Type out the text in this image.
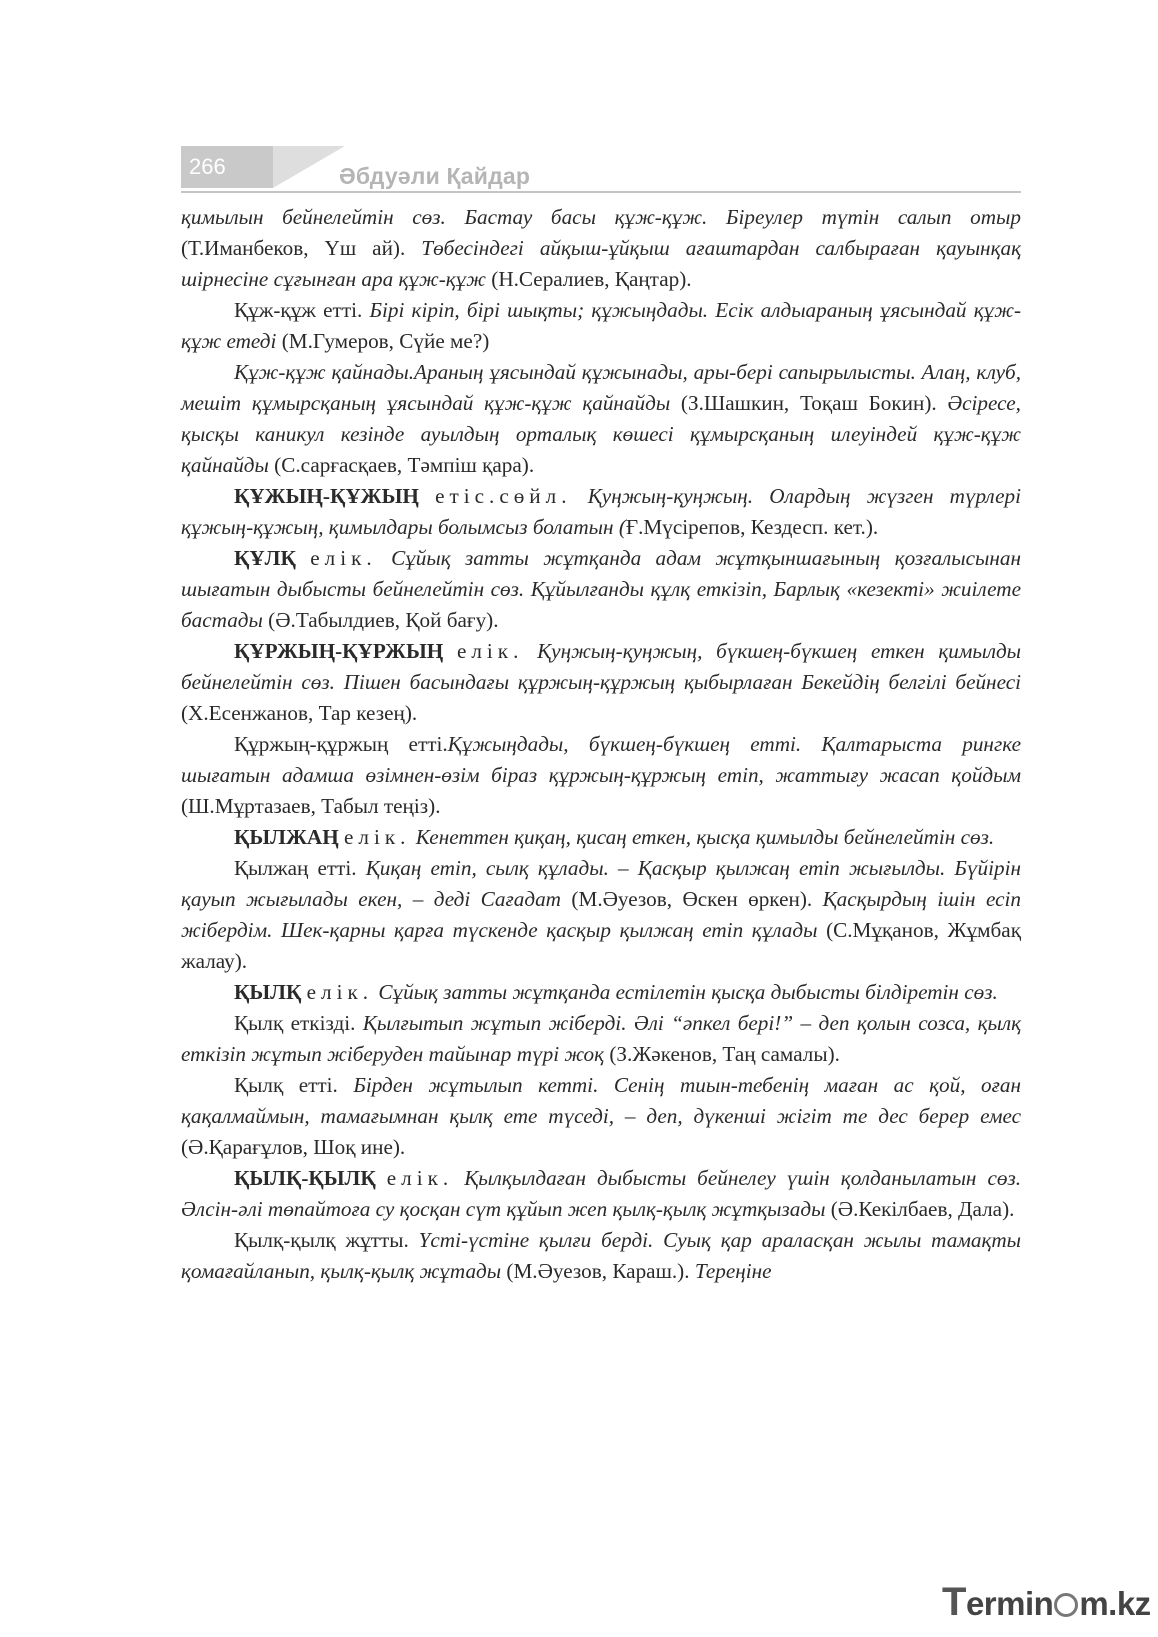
266	Әбдуәли Қайдар

қимылын бейнелейтін сөз. Бастау басы құж-құж. Біреулер түтін салып отыр (Т.Иманбеков, Үш ай). Төбесіндегі айқыш-ұйқыш ағаштардан салбыраған қауынқақ шірнесіне сұғынған ара құж-құж (Н.Сералиев, Қаңтар).

Құж-құж етті. Бірі кіріп, бірі шықты; құжыңдады. Есік алдыараның ұясындай құж-құж етеді (М.Гумеров, Сүйе ме?)

Құж-құж қайнады.Араның ұясындай құжынады, ары-бері сапырылысты. Алаң, клуб, мешіт құмырсқаның ұясындай құж-құж қайнайды (З.Шашкин, Тоқаш Бокин). Әсіресе, қысқы каникул кезінде ауылдың орталық көшесі құмырсқаның илеуіндей құж-құж қайнайды (С.сарғасқаев, Тәмпіш қара).

ҚҰЖЫҢ-ҚҰЖЫҢ етіс.сөйл. Қуңжың-қуңжың. Олардың жүзген түрлері құжың-құжың, қимылдары болымсыз болатын (Ғ.Мүсірепов, Кездесп. кет.).

ҚҰЛҚ елік. Сұйық затты жұтқанда адам жұтқыншағының қозғалысынан шығатын дыбысты бейнелейтін сөз. Құйылғанды құлқ еткізіп, Барлық «кезекті» жиілете бастады (Ә.Табылдиев, Қой бағу).

ҚҰРЖЫҢ-ҚҰРЖЫҢ елік. Қуңжың-қуңжың, бүкшең-бүкшең еткен қимылды бейнелейтін сөз. Пішен басындағы құржың-құржың қыбырлаған Бекейдің белгілі бейнесі (Х.Есенжанов, Тар кезең).

Құржың-құржың етті.Құжыңдады, бүкшең-бүкшең етті. Қалтарыста рингке шығатын адамша өзімнен-өзім біраз құржың-құржың етіп, жаттығу жасап қойдым (Ш.Мұртазаев, Табыл теңіз).

ҚЫЛЖАҢ елік. Кенеттен қиқаң, қисаң еткен, қысқа қимылды бейнелейтін сөз.

Қылжаң етті. Қиқаң етіп, сылқ құлады. – Қасқыр қылжаң етіп жығылды. Бүйірін қауып жығылады екен, – деді Сағадат (М.Әуезов, Өскен өркен). Қасқырдың ішін есіп жібердім. Шек-қарны қарға түскенде қасқыр қылжаң етіп құлады (С.Мұқанов, Жұмбақ жалау).

ҚЫЛҚ елік. Сұйық затты жұтқанда естілетін қысқа дыбысты білдіретін сөз.

Қылқ еткізді. Қылғытып жұтып жіберді. Әлі “әпкел бері!” – деп қолын созса, қылқ еткізіп жұтып жіберуден тайынар түрі жоқ (З.Жәкенов, Таң самалы).

Қылқ етті. Бірден жұтылып кетті. Сенің тиын-тебенің маған ас қой, оған қақалмаймын, тамағымнан қылқ ете түседі, – деп, дүкенші жігіт те дес берер емес (Ә.Қарағұлов, Шоқ ине).

ҚЫЛҚ-ҚЫЛҚ елік. Қылқылдаған дыбысты бейнелеу үшін қолданылатын сөз. Әлсін-әлі төпайтоға су қосқан сүт құйып жеп қылқ-қылқ жұтқызады (Ә.Кекілбаев, Дала).

Қылқ-қылқ жұтты. Үсті-үстіне қылғи берді. Суық қар араласқан жылы тамақты қомағайланып, қылқ-қылқ жұтады (М.Әуезов, Караш.). Тереңіне

Termin m.kz
